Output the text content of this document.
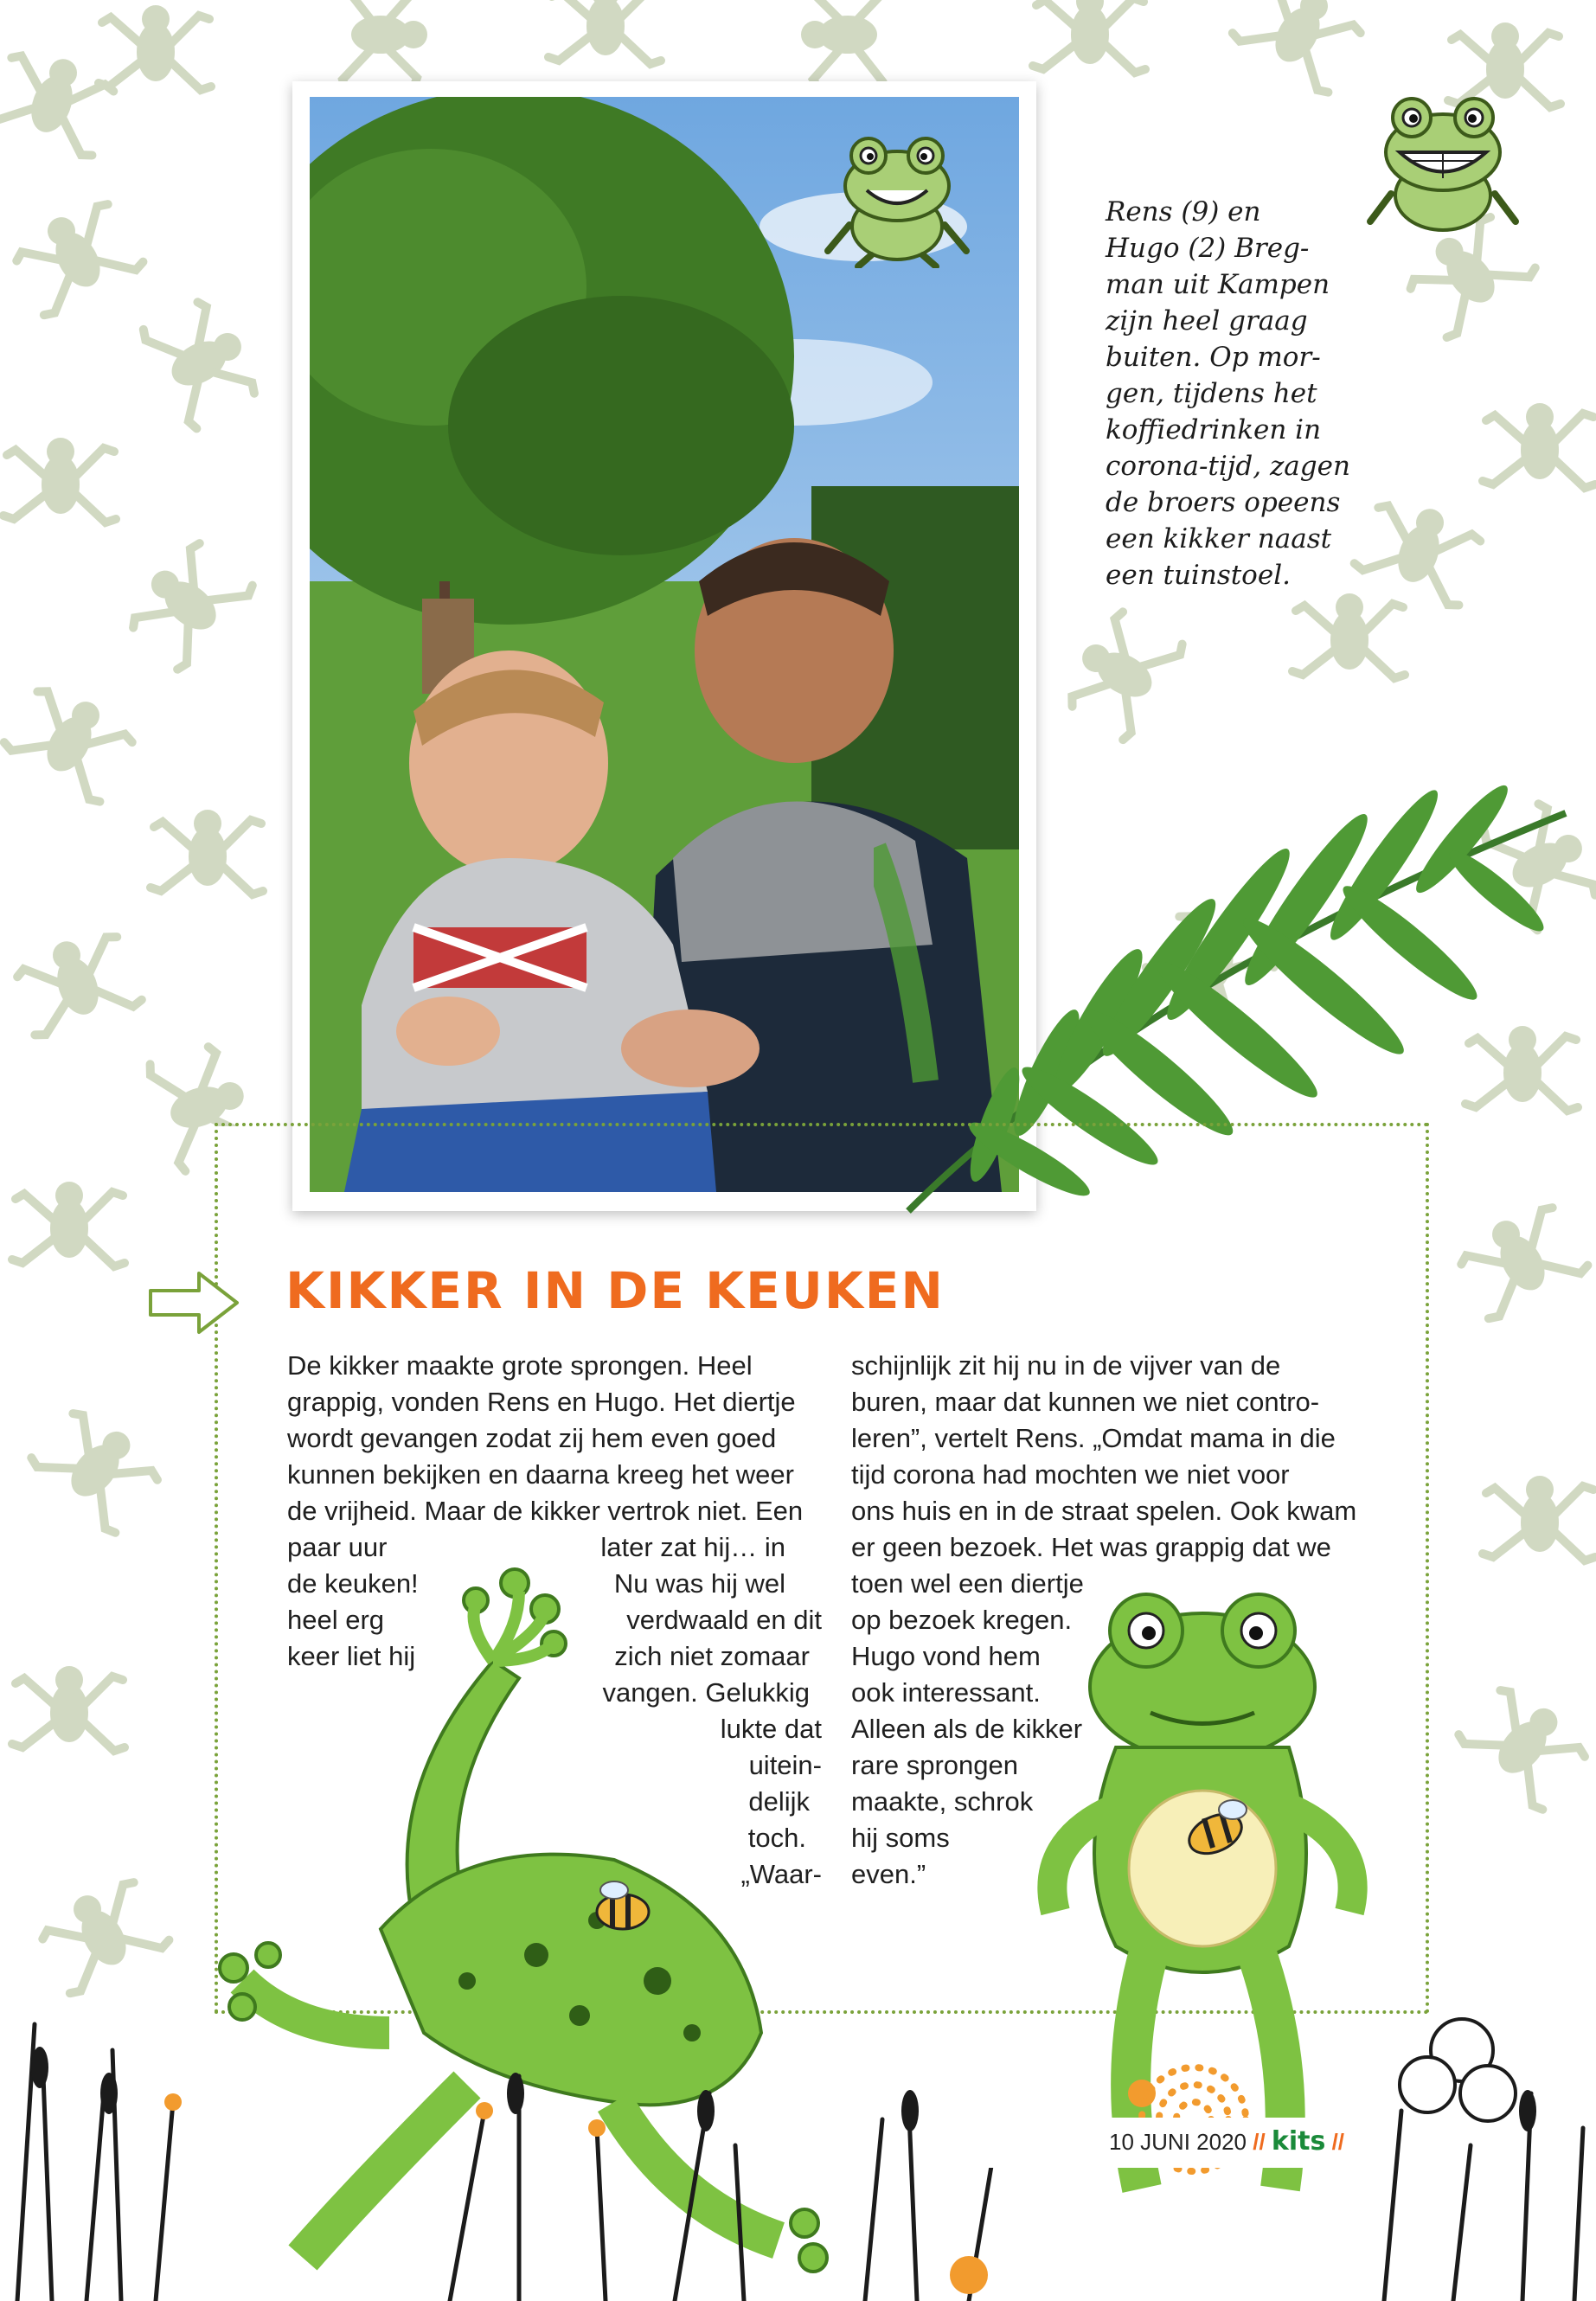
Rens (9) en
Hugo (2) Breg-
man uit Kampen
zijn heel graag
buiten. Op mor-
gen, tijdens het
koffiedrinken in
corona-tijd, zagen
de broers opeens
een kikker naast
een tuinstoel.

KIKKER IN DE KEUKEN
De kikker maakte grote sprongen. Heel
grappig, vonden Rens en Hugo. Het diertje
wordt gevangen zodat zij hem even goed
kunnen bekijken en daarna kreeg het weer
de vrijheid. Maar de kikker vertrok niet. Een
paar uur
de keuken!
heel erg
keer liet hij
later zat hij… in
Nu was hij wel
verdwaald en dit
zich niet zomaar
vangen. Gelukkig
lukte dat
uitein-
delijk
toch.
„Waar-
schijnlijk zit hij nu in de vijver van de
buren, maar dat kunnen we niet contro-
leren”, vertelt Rens. „Omdat mama in die
tijd corona had mochten we niet voor
ons huis en in de straat spelen. Ook kwam
er geen bezoek. Het was grappig dat we
toen wel een diertje
op bezoek kregen.
Hugo vond hem
ook interessant.
Alleen als de kikker
rare sprongen
maakte, schrok
hij soms
even.”
10 JUNI 2020 // kits //
